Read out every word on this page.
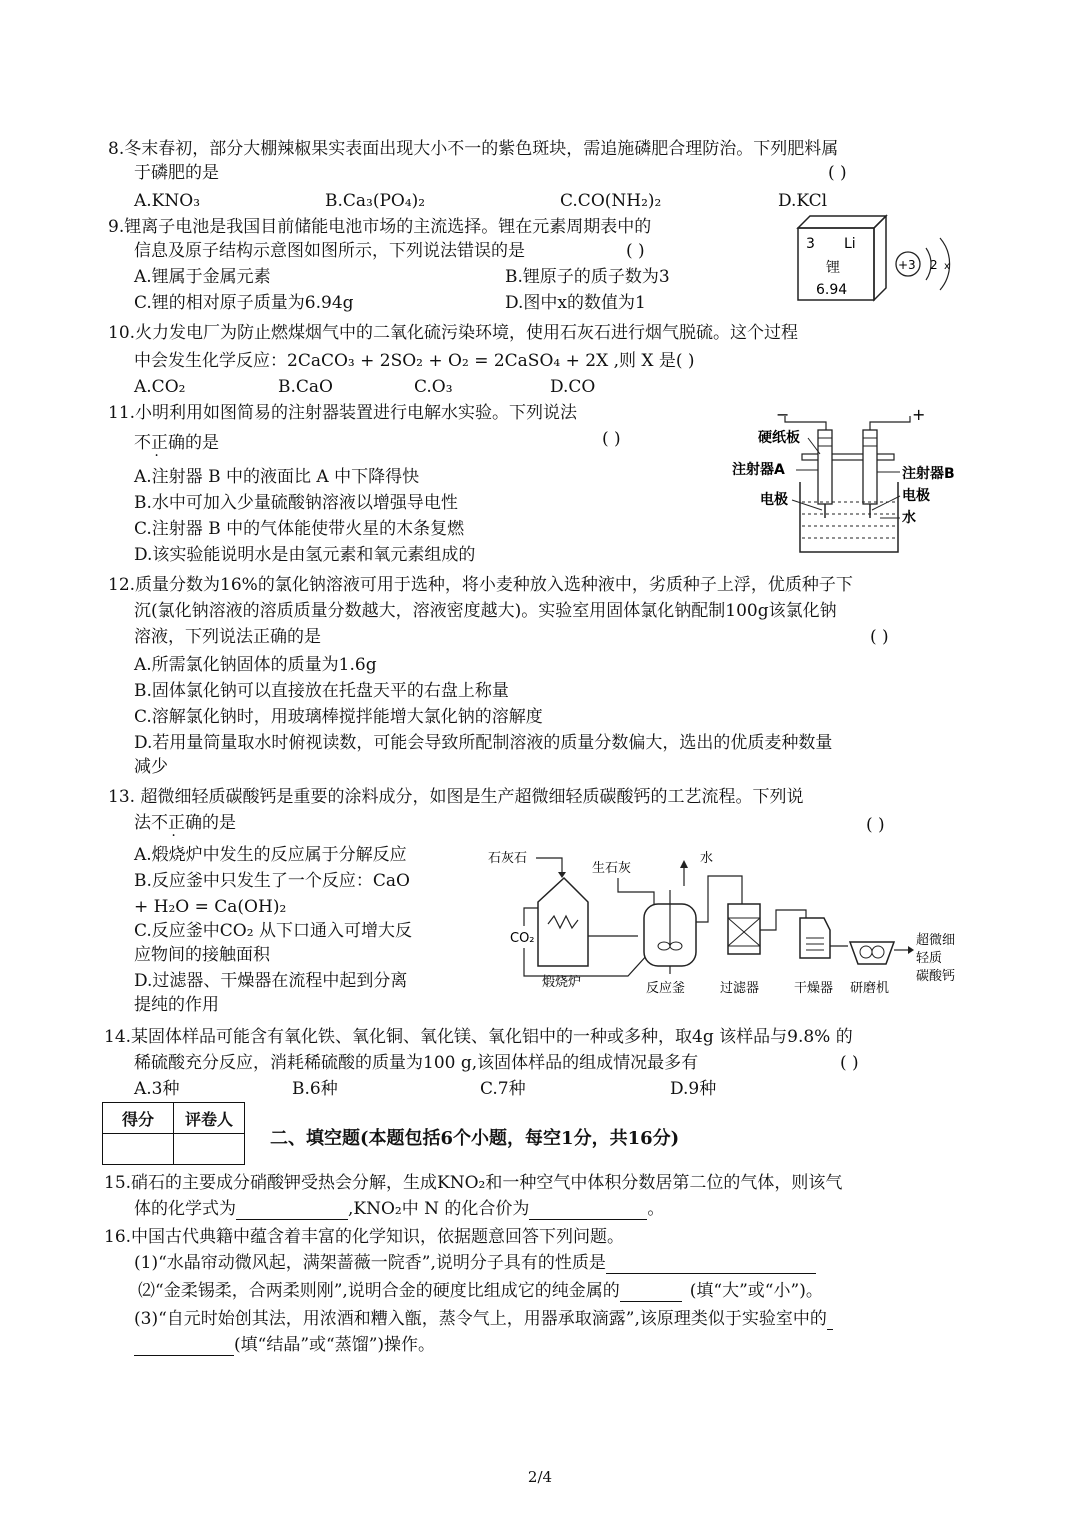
8.冬末春初，部分大棚辣椒果实表面出现大小不一的紫色斑块，需追施磷肥合理防治。下列肥料属
于磷肥的是	( )
A.KNO₃	B.Ca₃(PO₄)₂	C.CO(NH₂)₂	D.KCl
9.锂离子电池是我国目前储能电池市场的主流选择。锂在元素周期表中的
信息及原子结构示意图如图所示，下列说法错误的是	( )
A.锂属于金属元素	B.锂原子的质子数为3
C.锂的相对原子质量为6.94g	D.图中x的数值为1
3 Li
锂
6.94
+3 2 x
10.火力发电厂为防止燃煤烟气中的二氧化硫污染环境，使用石灰石进行烟气脱硫。这个过程
中会发生化学反应：2CaCO₃ + 2SO₂ + O₂ = 2CaSO₄ + 2X ,则 X 是( )
A.CO₂	B.CaO	C.O₃	D.CO
11.小明利用如图简易的注射器装置进行电解水实验。下列说法
不正确的是	( )
A.注射器 B 中的液面比 A 中下降得快
B.水中可加入少量硫酸钠溶液以增强导电性
C.注射器 B 中的气体能使带火星的木条复燃
D.该实验能说明水是由氢元素和氧元素组成的
−	+
硬纸板
注射器A
电极
注射器B
电极
水
12.质量分数为16%的氯化钠溶液可用于选种，将小麦种放入选种液中，劣质种子上浮，优质种子下
沉(氯化钠溶液的溶质质量分数越大，溶液密度越大)。实验室用固体氯化钠配制100g该氯化钠
溶液，下列说法正确的是	( )
A.所需氯化钠固体的质量为1.6g
B.固体氯化钠可以直接放在托盘天平的右盘上称量
C.溶解氯化钠时，用玻璃棒搅拌能增大氯化钠的溶解度
D.若用量筒量取水时俯视读数，可能会导致所配制溶液的质量分数偏大，选出的优质麦种数量
减少
13. 超微细轻质碳酸钙是重要的涂料成分，如图是生产超微细轻质碳酸钙的工艺流程。下列说
法不正确的是	( )
A.煅烧炉中发生的反应属于分解反应
B.反应釜中只发生了一个反应：CaO
+ H₂O = Ca(OH)₂
C.反应釜中CO₂ 从下口通入可增大反
应物间的接触面积
D.过滤器、干燥器在流程中起到分离
提纯的作用
石灰石
煅烧炉
CO₂
生石灰
水
反应釜	过滤器	干燥器 研磨机
超微细
轻质
碳酸钙
14.某固体样品可能含有氧化铁、氧化铜、氧化镁、氧化铝中的一种或多种，取4g 该样品与9.8% 的
稀硫酸充分反应，消耗稀硫酸的质量为100 g,该固体样品的组成情况最多有	( )
A.3种	B.6种	C.7种	D.9种
得分	评卷人

二、填空题(本题包括6个小题，每空1分，共16分)
15.硝石的主要成分硝酸钾受热会分解，生成KNO₂和一种空气中体积分数居第二位的气体，则该气
体的化学式为	,KNO₂中 N 的化合价为	。
16.中国古代典籍中蕴含着丰富的化学知识，依据题意回答下列问题。
(1)“水晶帘动微风起，满架蔷薇一院香”,说明分子具有的性质是
⑵“金柔锡柔，合两柔则刚”,说明合金的硬度比组成它的纯金属的	(填“大”或“小”)。
(3)“自元时始创其法，用浓酒和糟入甑，蒸令气上，用器承取滴露”,该原理类似于实验室中的
(填“结晶”或“蒸馏”)操作。
2/4
